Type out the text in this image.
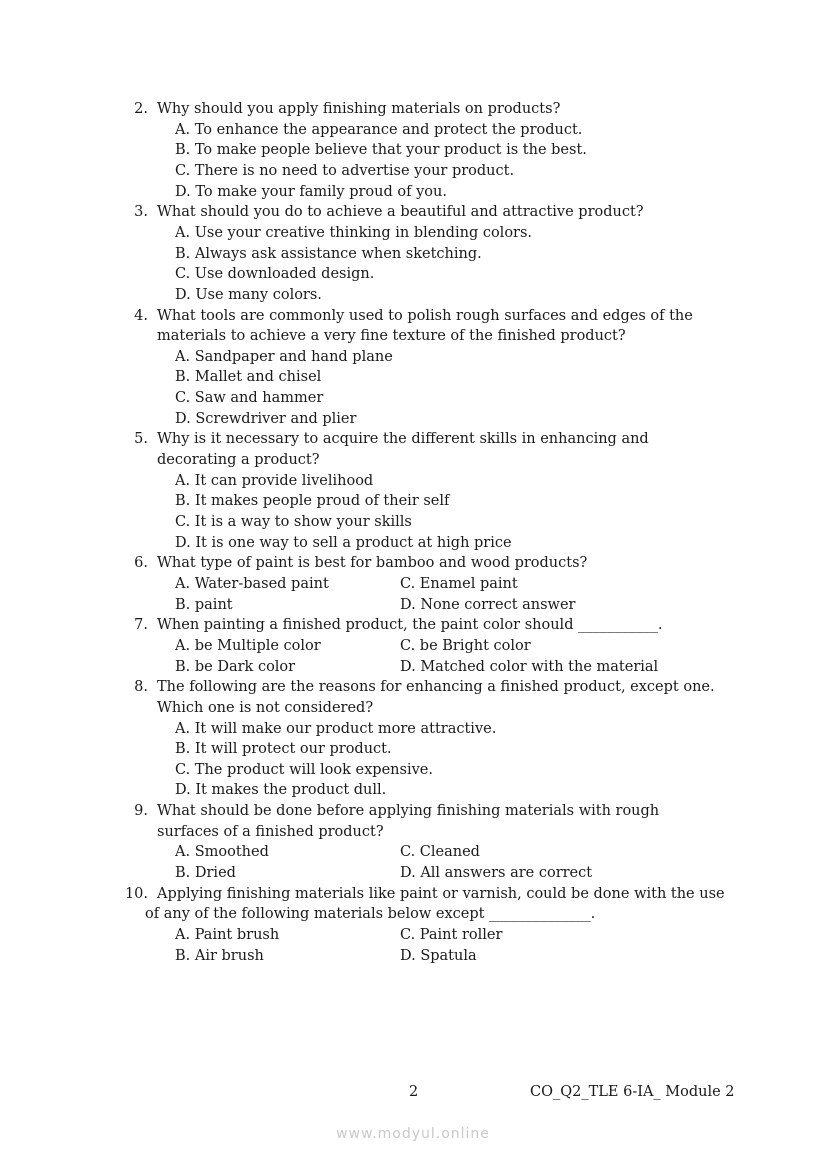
2. Why should you apply finishing materials on products?
A. To enhance the appearance and protect the product.
B. To make people believe that your product is the best.
C. There is no need to advertise your product.
D. To make your family proud of you.
3. What should you do to achieve a beautiful and attractive product?
A. Use your creative thinking in blending colors.
B. Always ask assistance when sketching.
C. Use downloaded design.
D. Use many colors.
4. What tools are commonly used to polish rough surfaces and edges of the
materials to achieve a very fine texture of the finished product?
A. Sandpaper and hand plane
B. Mallet and chisel
C. Saw and hammer
D. Screwdriver and plier
5. Why is it necessary to acquire the different skills in enhancing and
decorating a product?
A. It can provide livelihood
B. It makes people proud of their self
C. It is a way to show your skills
D. It is one way to sell a product at high price
6. What type of paint is best for bamboo and wood products?
A. Water-based paint	C. Enamel paint
B. paint	D. None correct answer
7. When painting a finished product, the paint color should ___________.
A. be Multiple color	C. be Bright color
B. be Dark color	D. Matched color with the material
8. The following are the reasons for enhancing a finished product, except one.
Which one is not considered?
A. It will make our product more attractive.
B. It will protect our product.
C. The product will look expensive.
D. It makes the product dull.
9. What should be done before applying finishing materials with rough
surfaces of a finished product?
A. Smoothed	C. Cleaned
B. Dried	D. All answers are correct
10. Applying finishing materials like paint or varnish, could be done with the use
of any of the following materials below except ______________.
A. Paint brush	C. Paint roller
B. Air brush	D. Spatula
2	CO_Q2_TLE 6-IA_ Module 2
www.modyul.online
